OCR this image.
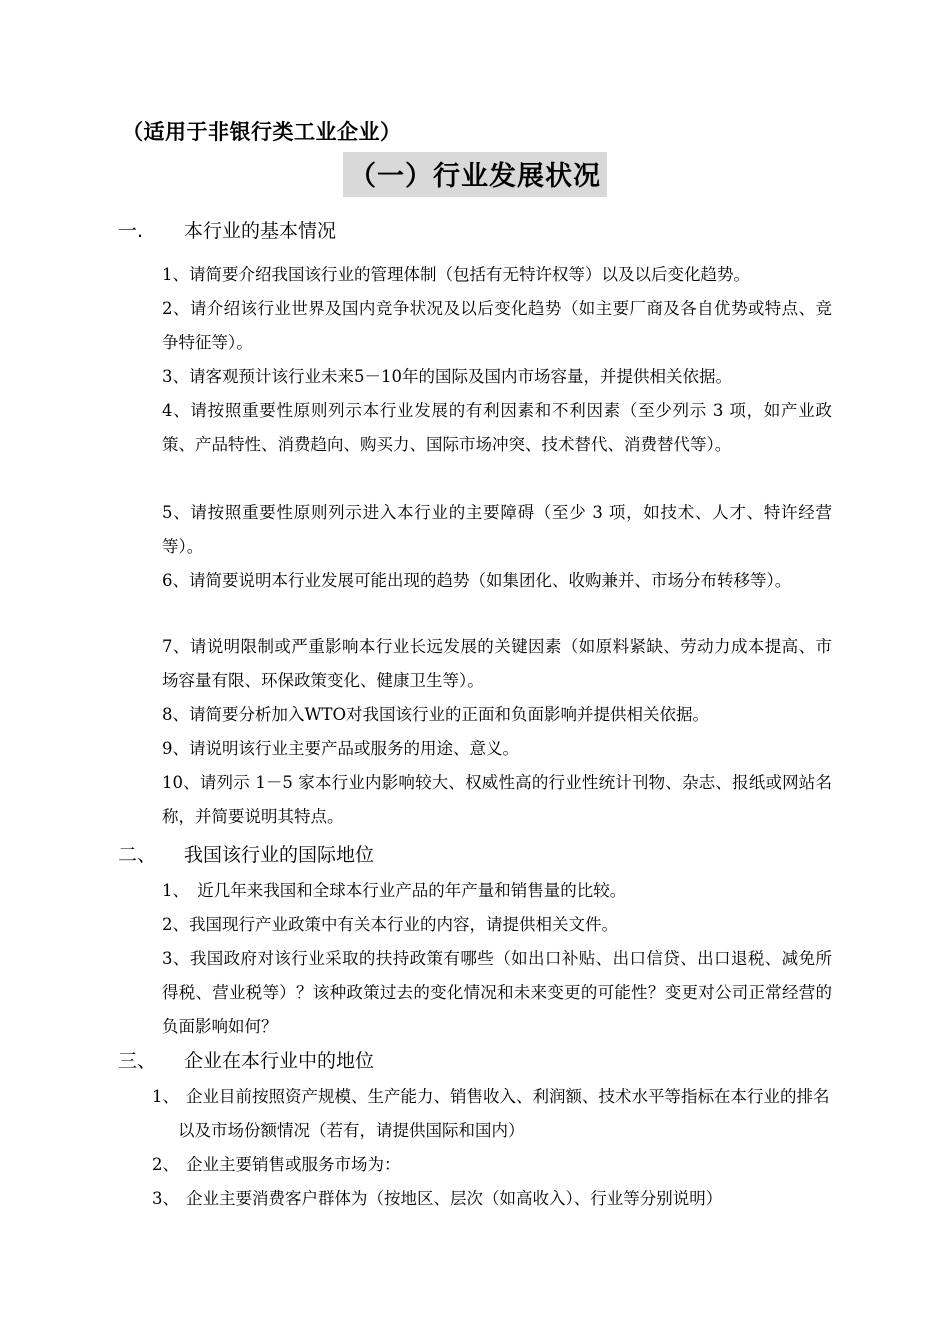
（适用于非银行类工业企业）
（一）行业发展状况
一. 本行业的基本情况
1、请简要介绍我国该行业的管理体制（包括有无特许权等）以及以后变化趋势。
2、请介绍该行业世界及国内竞争状况及以后变化趋势（如主要厂商及各自优势或特点、竞争特征等）。
3、请客观预计该行业未来5－10年的国际及国内市场容量，并提供相关依据。
4、请按照重要性原则列示本行业发展的有利因素和不利因素（至少列示 3 项，如产业政策、产品特性、消费趋向、购买力、国际市场冲突、技术替代、消费替代等）。
5、请按照重要性原则列示进入本行业的主要障碍（至少 3 项，如技术、人才、特许经营等）。
6、请简要说明本行业发展可能出现的趋势（如集团化、收购兼并、市场分布转移等）。
7、请说明限制或严重影响本行业长远发展的关键因素（如原料紧缺、劳动力成本提高、市场容量有限、环保政策变化、健康卫生等）。
8、请简要分析加入WTO对我国该行业的正面和负面影响并提供相关依据。
9、请说明该行业主要产品或服务的用途、意义。
10、请列示 1－5 家本行业内影响较大、权威性高的行业性统计刊物、杂志、报纸或网站名称，并简要说明其特点。
二、 我国该行业的国际地位
1、　近几年来我国和全球本行业产品的年产量和销售量的比较。
2、我国现行产业政策中有关本行业的内容，请提供相关文件。
3、我国政府对该行业采取的扶持政策有哪些（如出口补贴、出口信贷、出口退税、减免所得税、营业税等）？该种政策过去的变化情况和未来变更的可能性？变更对公司正常经营的负面影响如何？
三、 企业在本行业中的地位
1、 企业目前按照资产规模、生产能力、销售收入、利润额、技术水平等指标在本行业的排名以及市场份额情况（若有，请提供国际和国内）
2、 企业主要销售或服务市场为：
3、 企业主要消费客户群体为（按地区、层次（如高收入）、行业等分别说明）
